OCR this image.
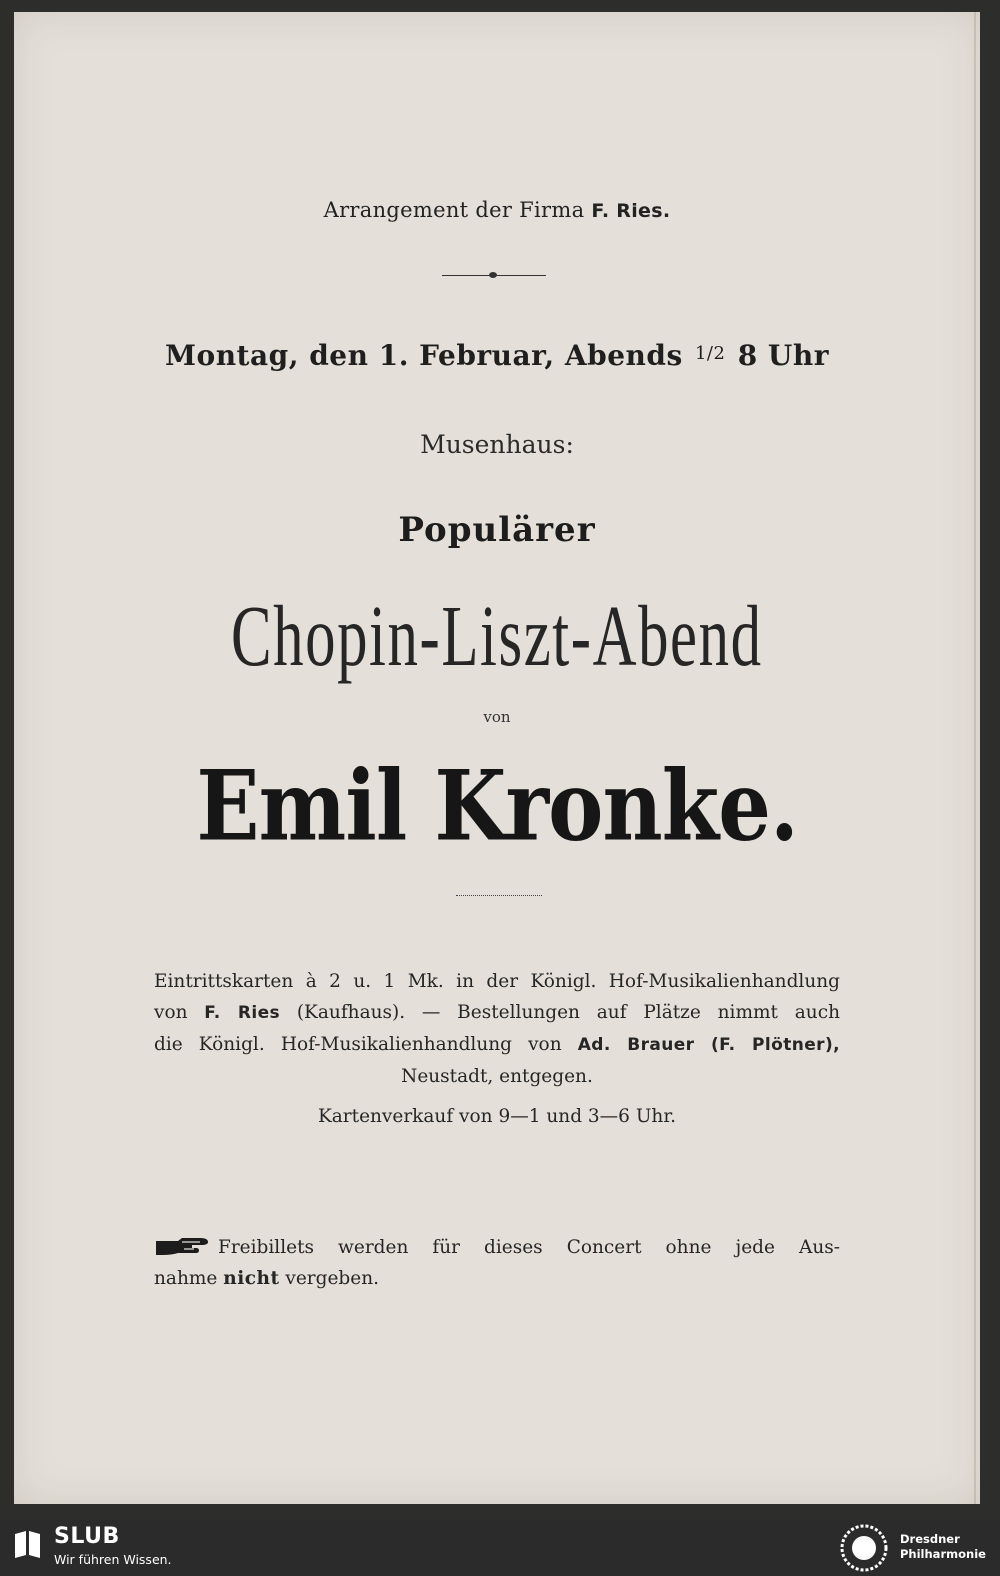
Arrangement der Firma F. Ries.
Montag, den 1. Februar, Abends $^{1/2}$ 8 Uhr
Musenhaus:
Populärer
Chopin-Liszt-Abend
von
Emil Kronke.
Eintrittskarten à 2 u. 1 Mk. in der Königl. Hof-Musikalienhandlung
von F. Ries (Kaufhaus). — Bestellungen auf Plätze nimmt auch
die Königl. Hof-Musikalienhandlung von Ad. Brauer (F. Plötner),
Neustadt, entgegen.
Kartenverkauf von 9—1 und 3—6 Uhr.
Freibillets werden für dieses Concert ohne jede Aus-
nahme nicht vergeben.
SLUB
Wir führen Wissen.
Dresdner
Philharmonie
